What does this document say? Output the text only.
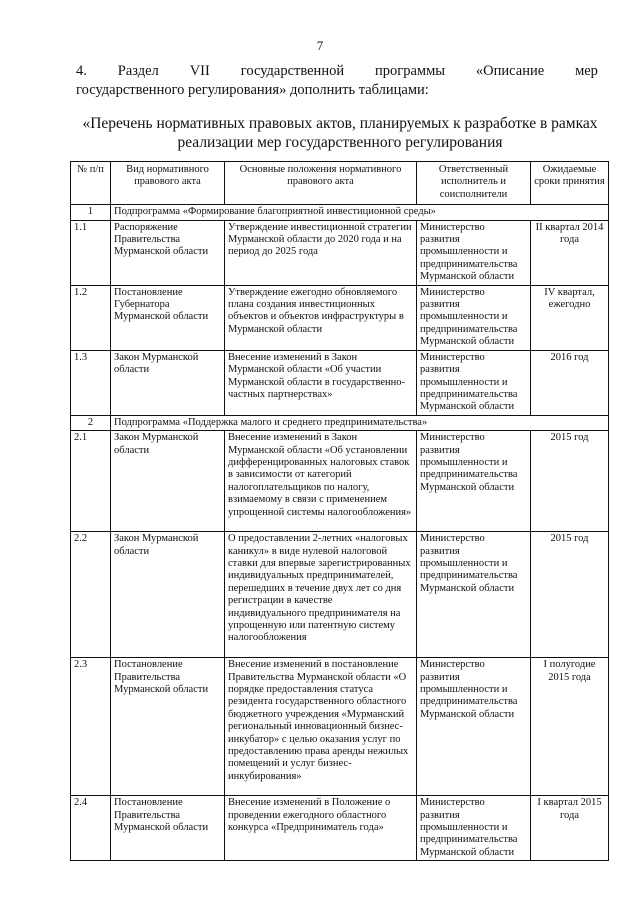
7
4. Раздел VII государственной программы «Описание мер
государственного регулирования» дополнить таблицами:
«Перечень нормативных правовых актов, планируемых к разработке в рамках
реализации мер государственного регулирования
№ п/п	Вид нормативного правового акта	Основные положения нормативного правового акта	Ответственный исполнитель и соисполнители	Ожидаемые сроки принятия
1	Подпрограмма «Формирование благоприятной инвестиционной среды»			
1.1	Распоряжение Правительства Мурманской области	Утверждение инвестиционной стратегии Мурманской области до 2020 года и на период до 2025 года	Министерство развития промышленности и предпринимательства Мурманской области	II квартал 2014 года
1.2	Постановление Губернатора Мурманской области	Утверждение ежегодно обновляемого плана создания инвестиционных объектов и объектов инфраструктуры в Мурманской области	Министерство развития промышленности и предпринимательства Мурманской области	IV квартал, ежегодно
1.3	Закон Мурманской области	Внесение изменений в Закон Мурманской области «Об участии Мурманской области в государственно-частных партнерствах»	Министерство развития промышленности и предпринимательства Мурманской области	2016 год
2	Подпрограмма «Поддержка малого и среднего предпринимательства»			
2.1	Закон Мурманской области	Внесение изменений в Закон Мурманской области «Об установлении дифференцированных налоговых ставок в зависимости от категорий налогоплательщиков по налогу, взимаемому в связи с применением упрощенной системы налогообложения»	Министерство развития промышленности и предпринимательства Мурманской области	2015 год
2.2	Закон Мурманской области	О предоставлении 2-летних «налоговых каникул» в виде нулевой налоговой ставки для впервые зарегистрированных индивидуальных предпринимателей, перешедших в течение двух лет со дня регистрации в качестве индивидуального предпринимателя на упрощенную или патентную систему налогообложения	Министерство развития промышленности и предпринимательства Мурманской области	2015 год
2.3	Постановление Правительства Мурманской области	Внесение изменений в постановление Правительства Мурманской области «О порядке предоставления статуса резидента государственного областного бюджетного учреждения «Мурманский региональный инновационный бизнес-инкубатор» с целью оказания услуг по предоставлению права аренды нежилых помещений и услуг бизнес-инкубирования»	Министерство развития промышленности и предпринимательства Мурманской области	I полугодие 2015 года
2.4	Постановление Правительства Мурманской области	Внесение изменений в Положение о проведении ежегодного областного конкурса «Предприниматель года»	Министерство развития промышленности и предпринимательства Мурманской области	I квартал 2015 года
